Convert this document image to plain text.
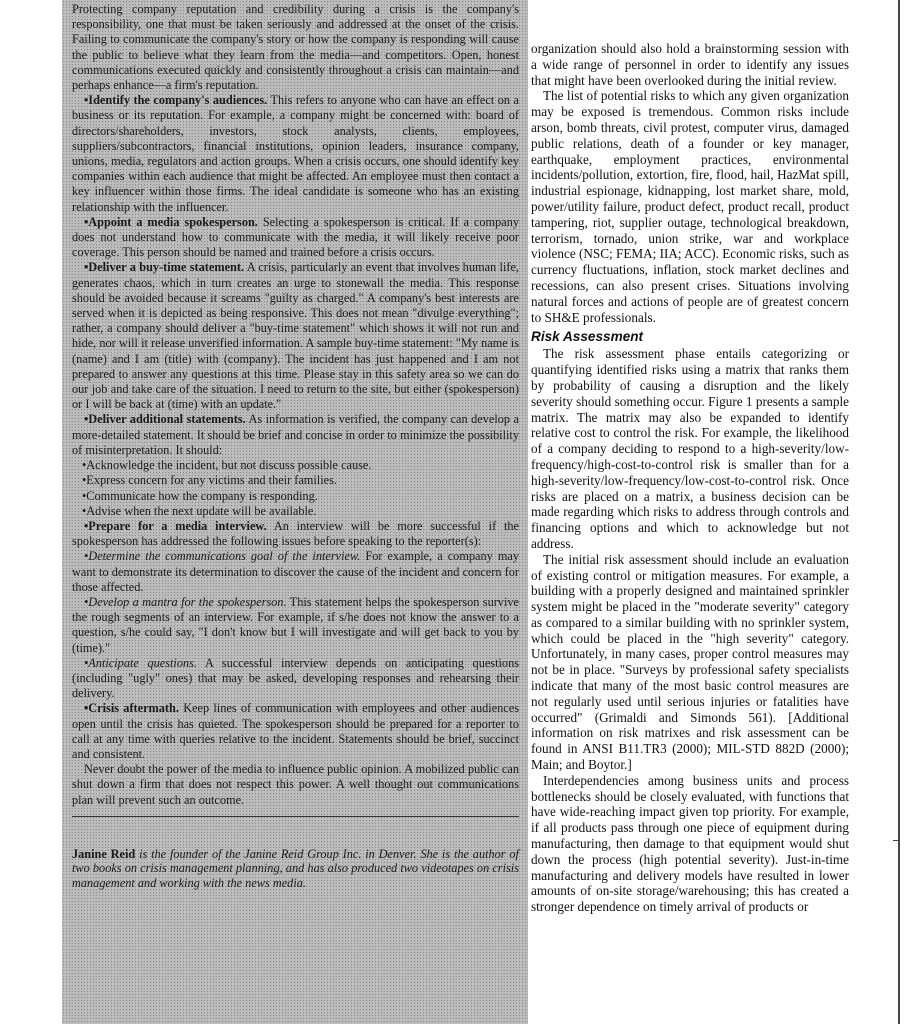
Protecting company reputation and credibility during a crisis is the company's responsibility, one that must be taken seriously and addressed at the onset of the crisis. Failing to communicate the company's story or how the company is responding will cause the public to believe what they learn from the media—and competitors. Open, honest communications executed quickly and consistently throughout a crisis can maintain—and perhaps enhance—a firm's reputation.

•Identify the company's audiences. This refers to anyone who can have an effect on a business or its reputation. For example, a company might be concerned with: board of directors/shareholders, investors, stock analysts, clients, employees, suppliers/subcontractors, financial institutions, opinion leaders, insurance company, unions, media, regulators and action groups. When a crisis occurs, one should identify key companies within each audience that might be affected. An employee must then contact a key influencer within those firms. The ideal candidate is someone who has an existing relationship with the influencer.

•Appoint a media spokesperson. Selecting a spokesperson is critical. If a company does not understand how to communicate with the media, it will likely receive poor coverage. This person should be named and trained before a crisis occurs.

•Deliver a buy-time statement. A crisis, particularly an event that involves human life, generates chaos, which in turn creates an urge to stonewall the media. This response should be avoided because it screams "guilty as charged." A company's best interests are served when it is depicted as being responsive. This does not mean "divulge everything"; rather, a company should deliver a "buy-time statement" which shows it will not run and hide, nor will it release unverified information. A sample buy-time statement: "My name is (name) and I am (title) with (company). The incident has just happened and I am not prepared to answer any questions at this time. Please stay in this safety area so we can do our job and take care of the situation. I need to return to the site, but either (spokesperson) or I will be back at (time) with an update."

•Deliver additional statements. As information is verified, the company can develop a more-detailed statement. It should be brief and concise in order to minimize the possibility of misinterpretation. It should:

•Acknowledge the incident, but not discuss possible cause.

•Express concern for any victims and their families.

•Communicate how the company is responding.

•Advise when the next update will be available.

•Prepare for a media interview. An interview will be more successful if the spokesperson has addressed the following issues before speaking to the reporter(s):

•Determine the communications goal of the interview. For example, a company may want to demonstrate its determination to discover the cause of the incident and concern for those affected.

•Develop a mantra for the spokesperson. This statement helps the spokesperson survive the rough segments of an interview. For example, if s/he does not know the answer to a question, s/he could say, "I don't know but I will investigate and will get back to you by (time)."

•Anticipate questions. A successful interview depends on anticipating questions (including "ugly" ones) that may be asked, developing responses and rehearsing their delivery.

•Crisis aftermath. Keep lines of communication with employees and other audiences open until the crisis has quieted. The spokesperson should be prepared for a reporter to call at any time with queries relative to the incident. Statements should be brief, succinct and consistent.

Never doubt the power of the media to influence public opinion. A mobilized public can shut down a firm that does not respect this power. A well thought out communications plan will prevent such an outcome.

Janine Reid is the founder of the Janine Reid Group Inc. in Denver. She is the author of two books on crisis management planning, and has also produced two videotapes on crisis management and working with the news media.

organization should also hold a brainstorming session with a wide range of personnel in order to identify any issues that might have been overlooked during the initial review.

The list of potential risks to which any given organization may be exposed is tremendous. Common risks include arson, bomb threats, civil protest, computer virus, damaged public relations, death of a founder or key manager, earthquake, employment practices, environmental incidents/pollution, extortion, fire, flood, hail, HazMat spill, industrial espionage, kidnapping, lost market share, mold, power/utility failure, product defect, product recall, product tampering, riot, supplier outage, technological breakdown, terrorism, tornado, union strike, war and workplace violence (NSC; FEMA; IIA; ACC). Economic risks, such as currency fluctuations, inflation, stock market declines and recessions, can also present crises. Situations involving natural forces and actions of people are of greatest concern to SH&E professionals.

Risk Assessment

The risk assessment phase entails categorizing or quantifying identified risks using a matrix that ranks them by probability of causing a disruption and the likely severity should something occur. Figure 1 presents a sample matrix. The matrix may also be expanded to identify relative cost to control the risk. For example, the likelihood of a company deciding to respond to a high-severity/low-frequency/high-cost-to-control risk is smaller than for a high-severity/low-frequency/low-cost-to-control risk. Once risks are placed on a matrix, a business decision can be made regarding which risks to address through controls and financing options and which to acknowledge but not address.

The initial risk assessment should include an evaluation of existing control or mitigation measures. For example, a building with a properly designed and maintained sprinkler system might be placed in the "moderate severity" category as compared to a similar building with no sprinkler system, which could be placed in the "high severity" category. Unfortunately, in many cases, proper control measures may not be in place. "Surveys by professional safety specialists indicate that many of the most basic control measures are not regularly used until serious injuries or fatalities have occurred" (Grimaldi and Simonds 561). [Additional information on risk matrixes and risk assessment can be found in ANSI B11.TR3 (2000); MIL-STD 882D (2000); Main; and Boytor.]

Interdependencies among business units and process bottlenecks should be closely evaluated, with functions that have wide-reaching impact given top priority. For example, if all products pass through one piece of equipment during manufacturing, then damage to that equipment would shut down the process (high potential severity). Just-in-time manufacturing and delivery models have resulted in lower amounts of on-site storage/warehousing; this has created a stronger dependence on timely arrival of products or
